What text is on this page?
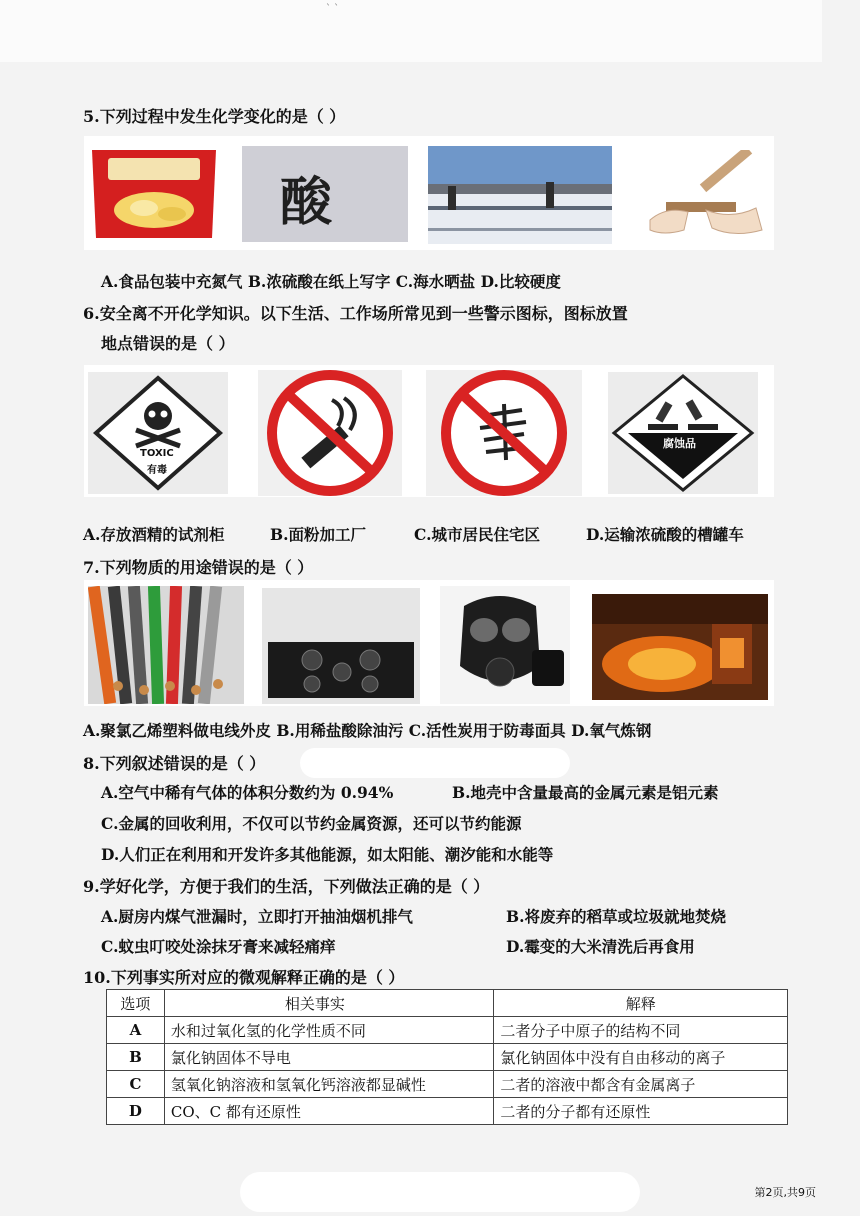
` `
5.下列过程中发生化学变化的是（ ）
酸
A.食品包装中充氮气 B.浓硫酸在纸上写字 C.海水晒盐 D.比较硬度
6.安全离不开化学知识。以下生活、工作场所常见到一些警示图标，图标放置
地点错误的是（ ）
TOXIC
有毒
腐蚀品
A.存放酒精的试剂柜	B.面粉加工厂	C.城市居民住宅区	D.运输浓硫酸的槽罐车
7.下列物质的用途错误的是（ ）
A.聚氯乙烯塑料做电线外皮 B.用稀盐酸除油污 C.活性炭用于防毒面具 D.氧气炼钢
8.下列叙述错误的是（ ）
A.空气中稀有气体的体积分数约为 0.94%	B.地壳中含量最高的金属元素是铝元素
C.金属的回收利用，不仅可以节约金属资源，还可以节约能源
D.人们正在利用和开发许多其他能源，如太阳能、潮汐能和水能等
9.学好化学，方便于我们的生活，下列做法正确的是（ ）
A.厨房内煤气泄漏时，立即打开抽油烟机排气	B.将废弃的稻草或垃圾就地焚烧
C.蚊虫叮咬处涂抹牙膏来减轻痛痒	D.霉变的大米清洗后再食用
10.下列事实所对应的微观解释正确的是（ ）
选项	相关事实	解释
A	水和过氧化氢的化学性质不同	二者分子中原子的结构不同
B	氯化钠固体不导电	氯化钠固体中没有自由移动的离子
C	氢氧化钠溶液和氢氧化钙溶液都显碱性	二者的溶液中都含有金属离子
D	CO、C 都有还原性	二者的分子都有还原性
第2页,共9页
